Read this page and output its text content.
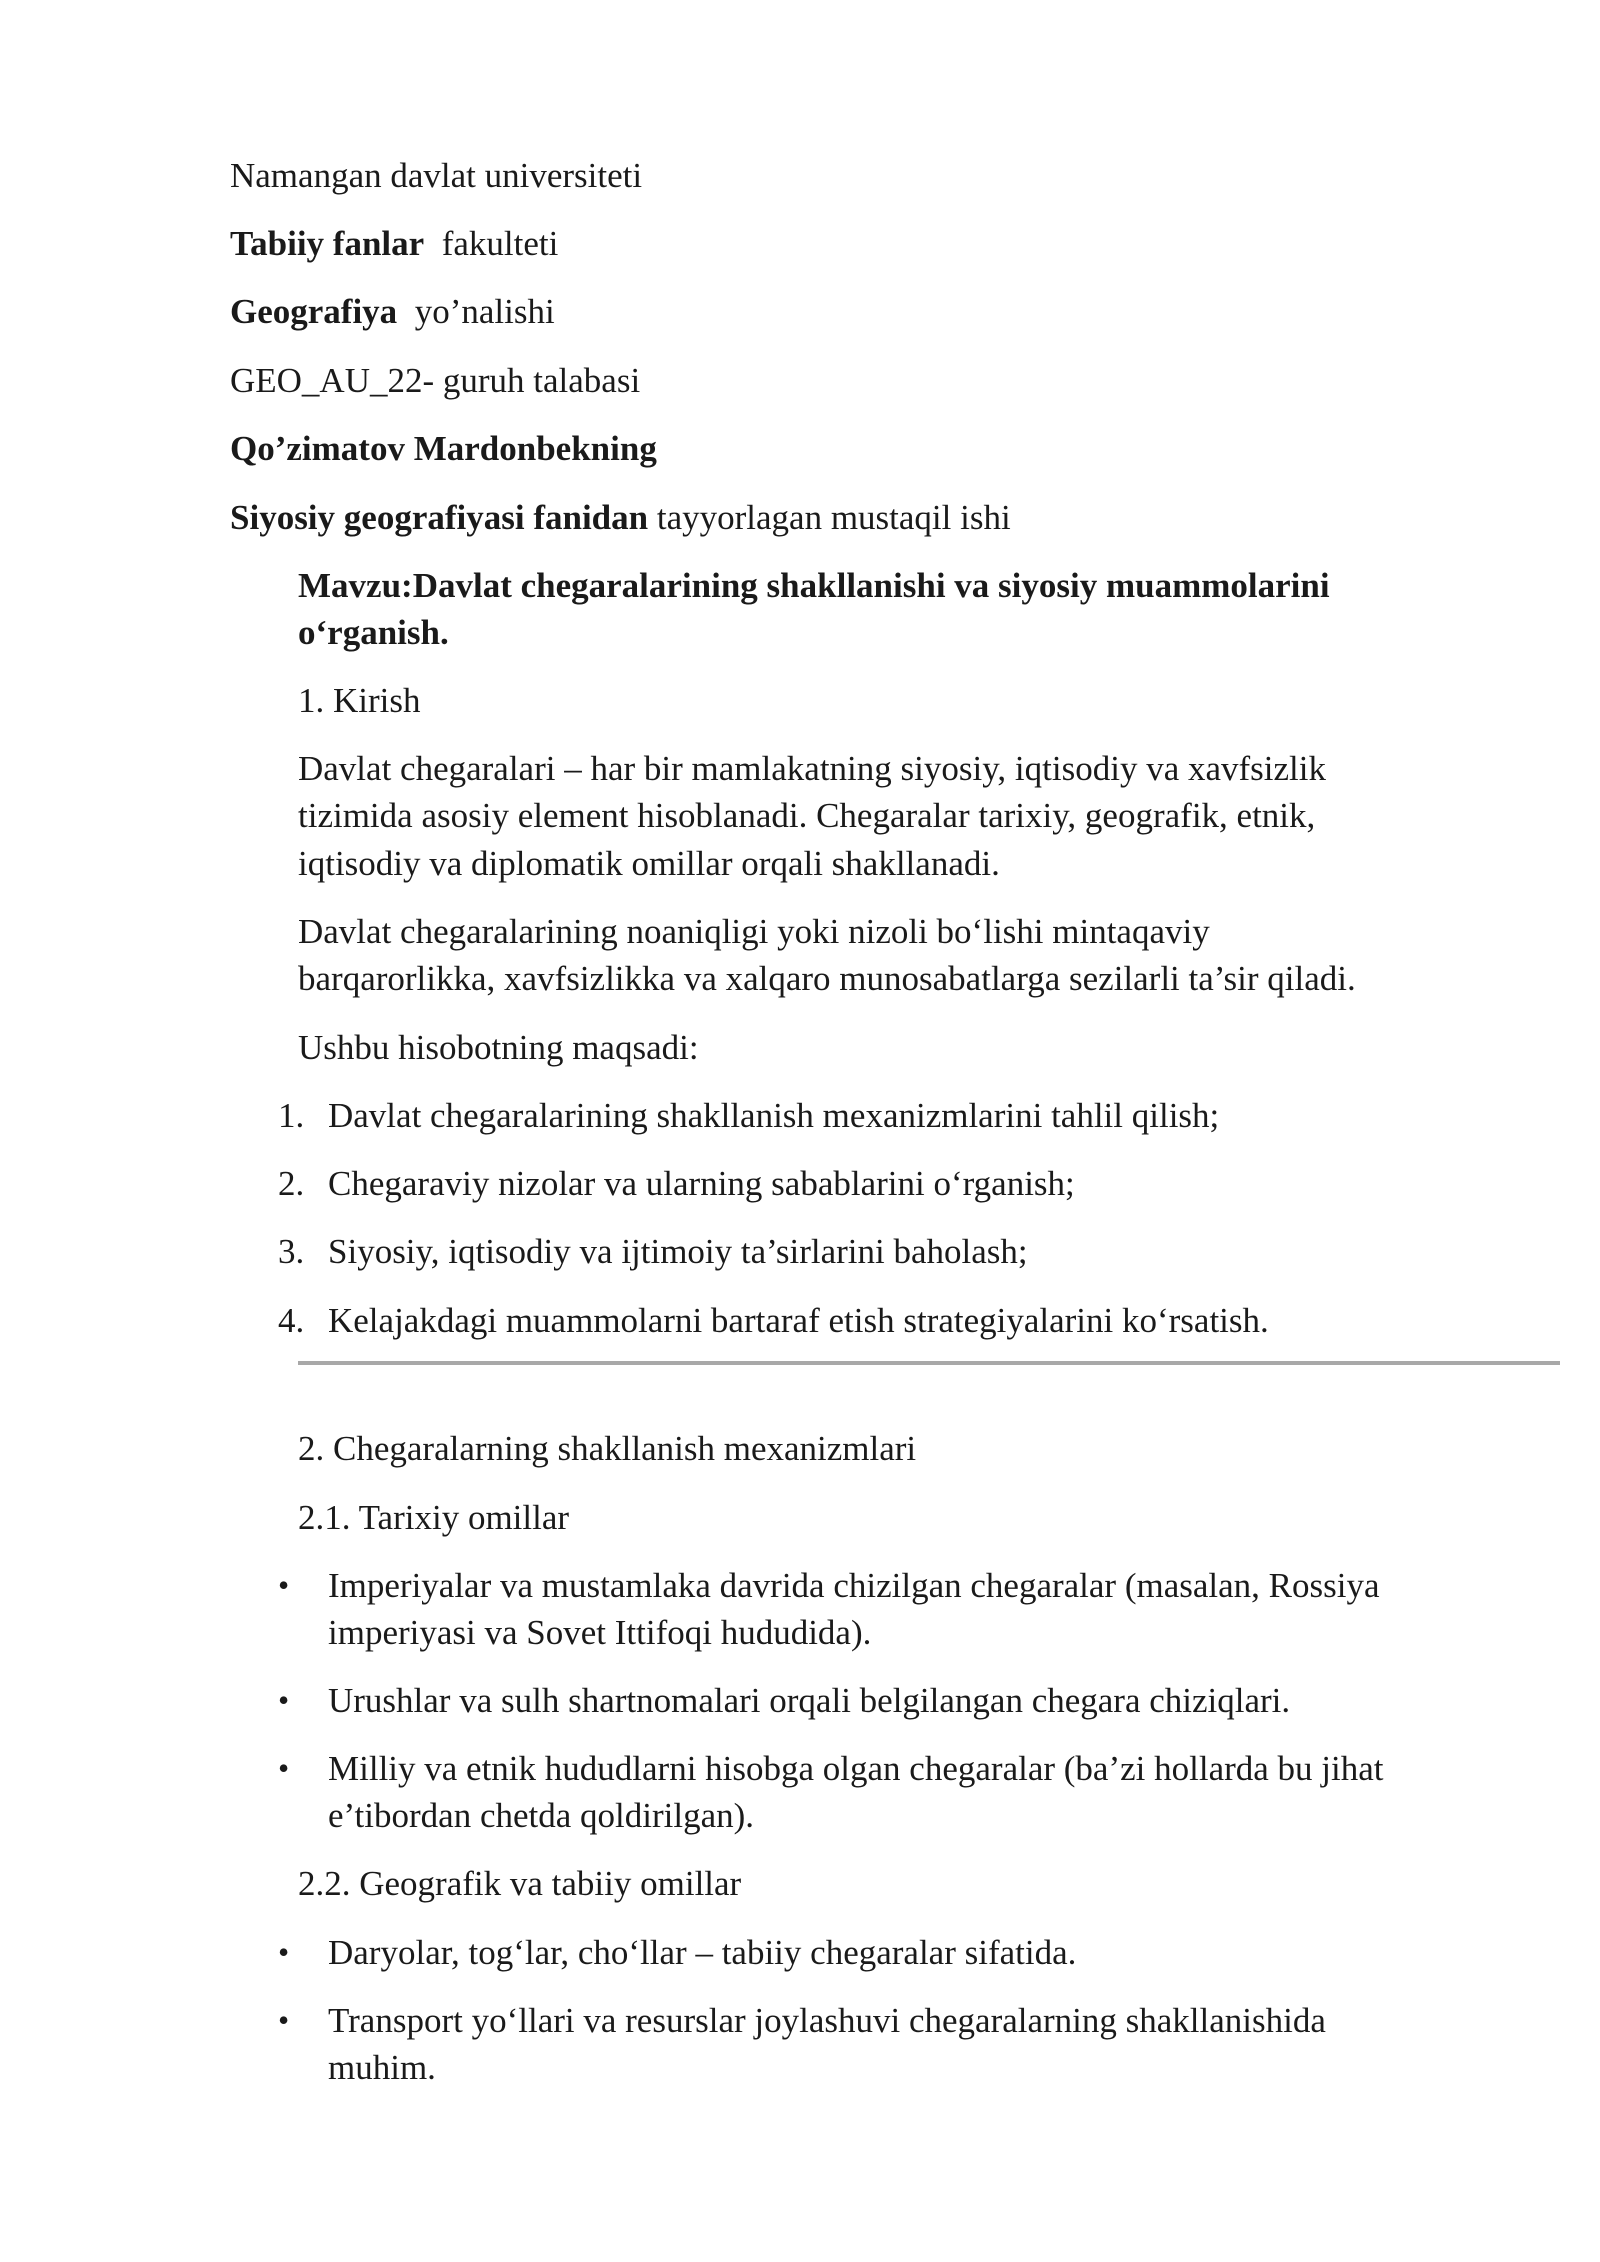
Namangan davlat universiteti
Tabiiy fanlar fakulteti
Geografiya yo’nalishi
GEO_AU_22- guruh talabasi
Qo’zimatov Mardonbekning
Siyosiy geografiyasi fanidan tayyorlagan mustaqil ishi
Mavzu:Davlat chegaralarining shakllanishi va siyosiy muammolarini
o‘rganish.
1. Kirish
Davlat chegaralari – har bir mamlakatning siyosiy, iqtisodiy va xavfsizlik
tizimida asosiy element hisoblanadi. Chegaralar tarixiy, geografik, etnik,
iqtisodiy va diplomatik omillar orqali shakllanadi.
Davlat chegaralarining noaniqligi yoki nizoli bo‘lishi mintaqaviy
barqarorlikka, xavfsizlikka va xalqaro munosabatlarga sezilarli ta’sir qiladi.
Ushbu hisobotning maqsadi:
1. Davlat chegaralarining shakllanish mexanizmlarini tahlil qilish;
2. Chegaraviy nizolar va ularning sabablarini o‘rganish;
3. Siyosiy, iqtisodiy va ijtimoiy ta’sirlarini baholash;
4. Kelajakdagi muammolarni bartaraf etish strategiyalarini ko‘rsatish.
2. Chegaralarning shakllanish mexanizmlari
2.1. Tarixiy omillar
• Imperiyalar va mustamlaka davrida chizilgan chegaralar (masalan, Rossiya
imperiyasi va Sovet Ittifoqi hududida).
• Urushlar va sulh shartnomalari orqali belgilangan chegara chiziqlari.
• Milliy va etnik hududlarni hisobga olgan chegaralar (ba’zi hollarda bu jihat
e’tibordan chetda qoldirilgan).
2.2. Geografik va tabiiy omillar
• Daryolar, tog‘lar, cho‘llar – tabiiy chegaralar sifatida.
• Transport yo‘llari va resurslar joylashuvi chegaralarning shakllanishida
muhim.
